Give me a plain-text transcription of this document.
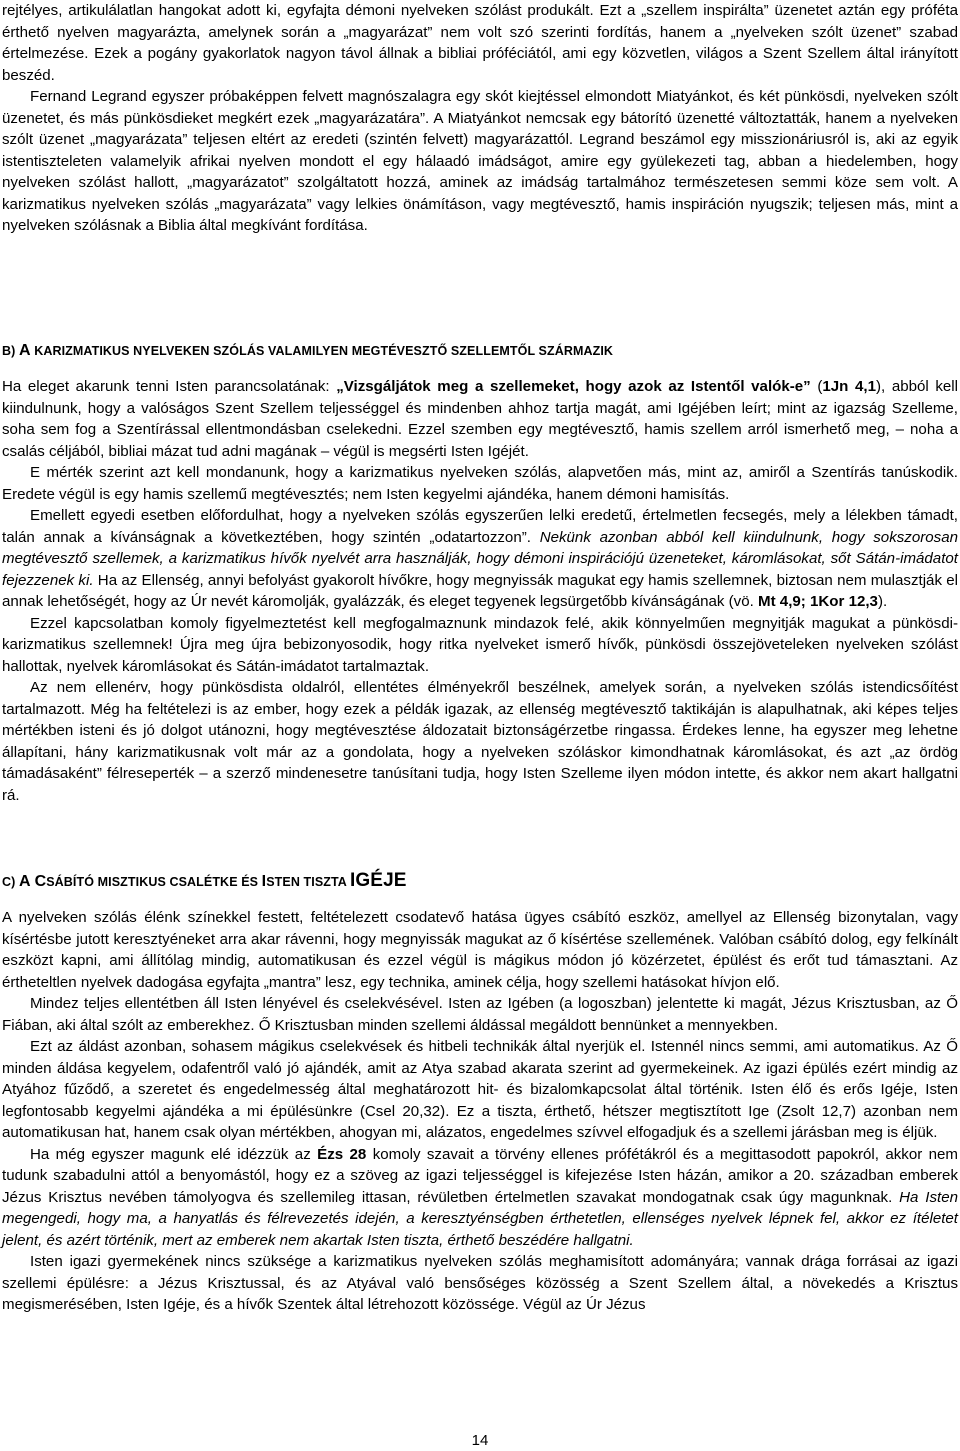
rejtélyes, artikulálatlan hangokat adott ki, egyfajta démoni nyelveken szólást produkált. Ezt a „szellem inspirálta” üzenetet aztán egy próféta érthető nyelven magyarázta, amelynek során a „magyarázat” nem volt szó szerinti fordítás, hanem a „nyelveken szólt üzenet” szabad értelmezése. Ezek a pogány gyakorlatok nagyon távol állnak a bibliai próféciától, ami egy közvetlen, világos a Szent Szellem által irányított beszéd.

Fernand Legrand egyszer próbaképpen felvett magnószalagra egy skót kiejtéssel elmondott Miatyánkot, és két pünkösdi, nyelveken szólt üzenetet, és más pünkösdieket megkért ezek „magyarázatára”. A Miatyánkot nemcsak egy bátorító üzenetté változtatták, hanem a nyelveken szólt üzenet „magyarázata” teljesen eltért az eredeti (szintén felvett) magyarázattól. Legrand beszámol egy misszionáriusról is, aki az egyik istentiszteleten valamelyik afrikai nyelven mondott el egy hálaadó imádságot, amire egy gyülekezeti tag, abban a hiedelemben, hogy nyelveken szólást hallott, „magyarázatot” szolgáltatott hozzá, aminek az imádság tartalmához természetesen semmi köze sem volt. A karizmatikus nyelveken szólás „magyarázata” vagy lelkies önámításon, vagy megtévesztő, hamis inspiráción nyugszik; teljesen más, mint a nyelveken szólásnak a Biblia által megkívánt fordítása.

B) A KARIZMATIKUS NYELVEKEN SZÓLÁS VALAMILYEN MEGTÉVESZTŐ SZELLEMTŐL SZÁRMAZIK

Ha eleget akarunk tenni Isten parancsolatának: „Vizsgáljátok meg a szellemeket, hogy azok az Istentől valók-e” (1Jn 4,1), abból kell kiindulnunk, hogy a valóságos Szent Szellem teljességgel és mindenben ahhoz tartja magát, ami Igéjében leírt; mint az igazság Szelleme, soha sem fog a Szentírással ellentmondásban cselekedni. Ezzel szemben egy megtévesztő, hamis szellem arról ismerhető meg, – noha a csalás céljából, bibliai mázat tud adni magának – végül is megsérti Isten Igéjét.

E mérték szerint azt kell mondanunk, hogy a karizmatikus nyelveken szólás, alapvetően más, mint az, amiről a Szentírás tanúskodik. Eredete végül is egy hamis szellemű megtévesztés; nem Isten kegyelmi ajándéka, hanem démoni hamisítás.

Emellett egyedi esetben előfordulhat, hogy a nyelveken szólás egyszerűen lelki eredetű, értelmetlen fecsegés, mely a lélekben támadt, talán annak a kívánságnak a következtében, hogy szintén „odatartozzon”. Nekünk azonban abból kell kiindulnunk, hogy sokszorosan megtévesztő szellemek, a karizmatikus hívők nyelvét arra használják, hogy démoni inspirációjú üzeneteket, káromlásokat, sőt Sátán-imádatot fejezzenek ki. Ha az Ellenség, annyi befolyást gyakorolt hívőkre, hogy megnyissák magukat egy hamis szellemnek, biztosan nem mulasztják el annak lehetőségét, hogy az Úr nevét káromolják, gyalázzák, és eleget tegyenek legsürgetőbb kívánságának (vö. Mt 4,9; 1Kor 12,3).

Ezzel kapcsolatban komoly figyelmeztetést kell megfogalmaznunk mindazok felé, akik könnyelműen megnyitják magukat a pünkösdi-karizmatikus szellemnek! Újra meg újra bebizonyosodik, hogy ritka nyelveket ismerő hívők, pünkösdi összejöveteleken nyelveken szólást hallottak, nyelvek káromlásokat és Sátán-imádatot tartalmaztak.

Az nem ellenérv, hogy pünkösdista oldalról, ellentétes élményekről beszélnek, amelyek során, a nyelveken szólás istendicsőítést tartalmazott. Még ha feltételezi is az ember, hogy ezek a példák igazak, az ellenség megtévesztő taktikáján is alapulhatnak, aki képes teljes mértékben isteni és jó dolgot utánozni, hogy megtévesztése áldozatait biztonságérzetbe ringassa. Érdekes lenne, ha egyszer meg lehetne állapítani, hány karizmatikusnak volt már az a gondolata, hogy a nyelveken szóláskor kimondhatnak káromlásokat, és azt „az ördög támadásaként” félreseperték – a szerző mindenesetre tanúsítani tudja, hogy Isten Szelleme ilyen módon intette, és akkor nem akart hallgatni rá.

C) A CSÁBÍTÓ MISZTIKUS CSALÉTKE ÉS ISTEN TISZTA IGÉJE

A nyelveken szólás élénk színekkel festett, feltételezett csodatevő hatása ügyes csábító eszköz, amellyel az Ellenség bizonytalan, vagy kísértésbe jutott keresztyéneket arra akar rávenni, hogy megnyissák magukat az ő kísértése szellemének. Valóban csábító dolog, egy felkínált eszközt kapni, ami állítólag mindig, automatikusan és ezzel végül is mágikus módon jó közérzetet, épülést és erőt tud támasztani. Az értheteltlen nyelvek dadogása egyfajta „mantra” lesz, egy technika, aminek célja, hogy szellemi hatásokat hívjon elő.

Mindez teljes ellentétben áll Isten lényével és cselekvésével. Isten az Igében (a logoszban) jelentette ki magát, Jézus Krisztusban, az Ő Fiában, aki által szólt az emberekhez. Ő Krisztusban minden szellemi áldással megáldott bennünket a mennyekben.

Ezt az áldást azonban, sohasem mágikus cselekvések és hitbeli technikák által nyerjük el. Istennél nincs semmi, ami automatikus. Az Ő minden áldása kegyelem, odafentről való jó ajándék, amit az Atya szabad akarata szerint ad gyermekeinek. Az igazi épülés ezért mindig az Atyához fűződő, a szeretet és engedelmesség által meghatározott hit- és bizalomkapcsolat által történik. Isten élő és erős Igéje, Isten legfontosabb kegyelmi ajándéka a mi épülésünkre (Csel 20,32). Ez a tiszta, érthető, hétszer megtisztított Ige (Zsolt 12,7) azonban nem automatikusan hat, hanem csak olyan mértékben, ahogyan mi, alázatos, engedelmes szívvel elfogadjuk és a szellemi járásban meg is éljük.

Ha még egyszer magunk elé idézzük az Ézs 28 komoly szavait a törvény ellenes prófétákról és a megittasodott papokról, akkor nem tudunk szabadulni attól a benyomástól, hogy ez a szöveg az igazi teljességgel is kifejezése Isten házán, amikor a 20. században emberek Jézus Krisztus nevében támolyogva és szellemileg ittasan, révületben értelmetlen szavakat mondogatnak csak úgy magunknak. Ha Isten megengedi, hogy ma, a hanyatlás és félrevezetés idején, a keresztyénségben érthetetlen, ellenséges nyelvek lépnek fel, akkor ez ítéletet jelent, és azért történik, mert az emberek nem akartak Isten tiszta, érthető beszédére hallgatni.

Isten igazi gyermekének nincs szüksége a karizmatikus nyelveken szólás meghamisított adományára; vannak drága forrásai az igazi szellemi épülésre: a Jézus Krisztussal, és az Atyával való bensőséges közösség a Szent Szellem által, a növekedés a Krisztus megismerésében, Isten Igéje, és a hívők Szentek által létrehozott közössége. Végül az Úr Jézus

14
